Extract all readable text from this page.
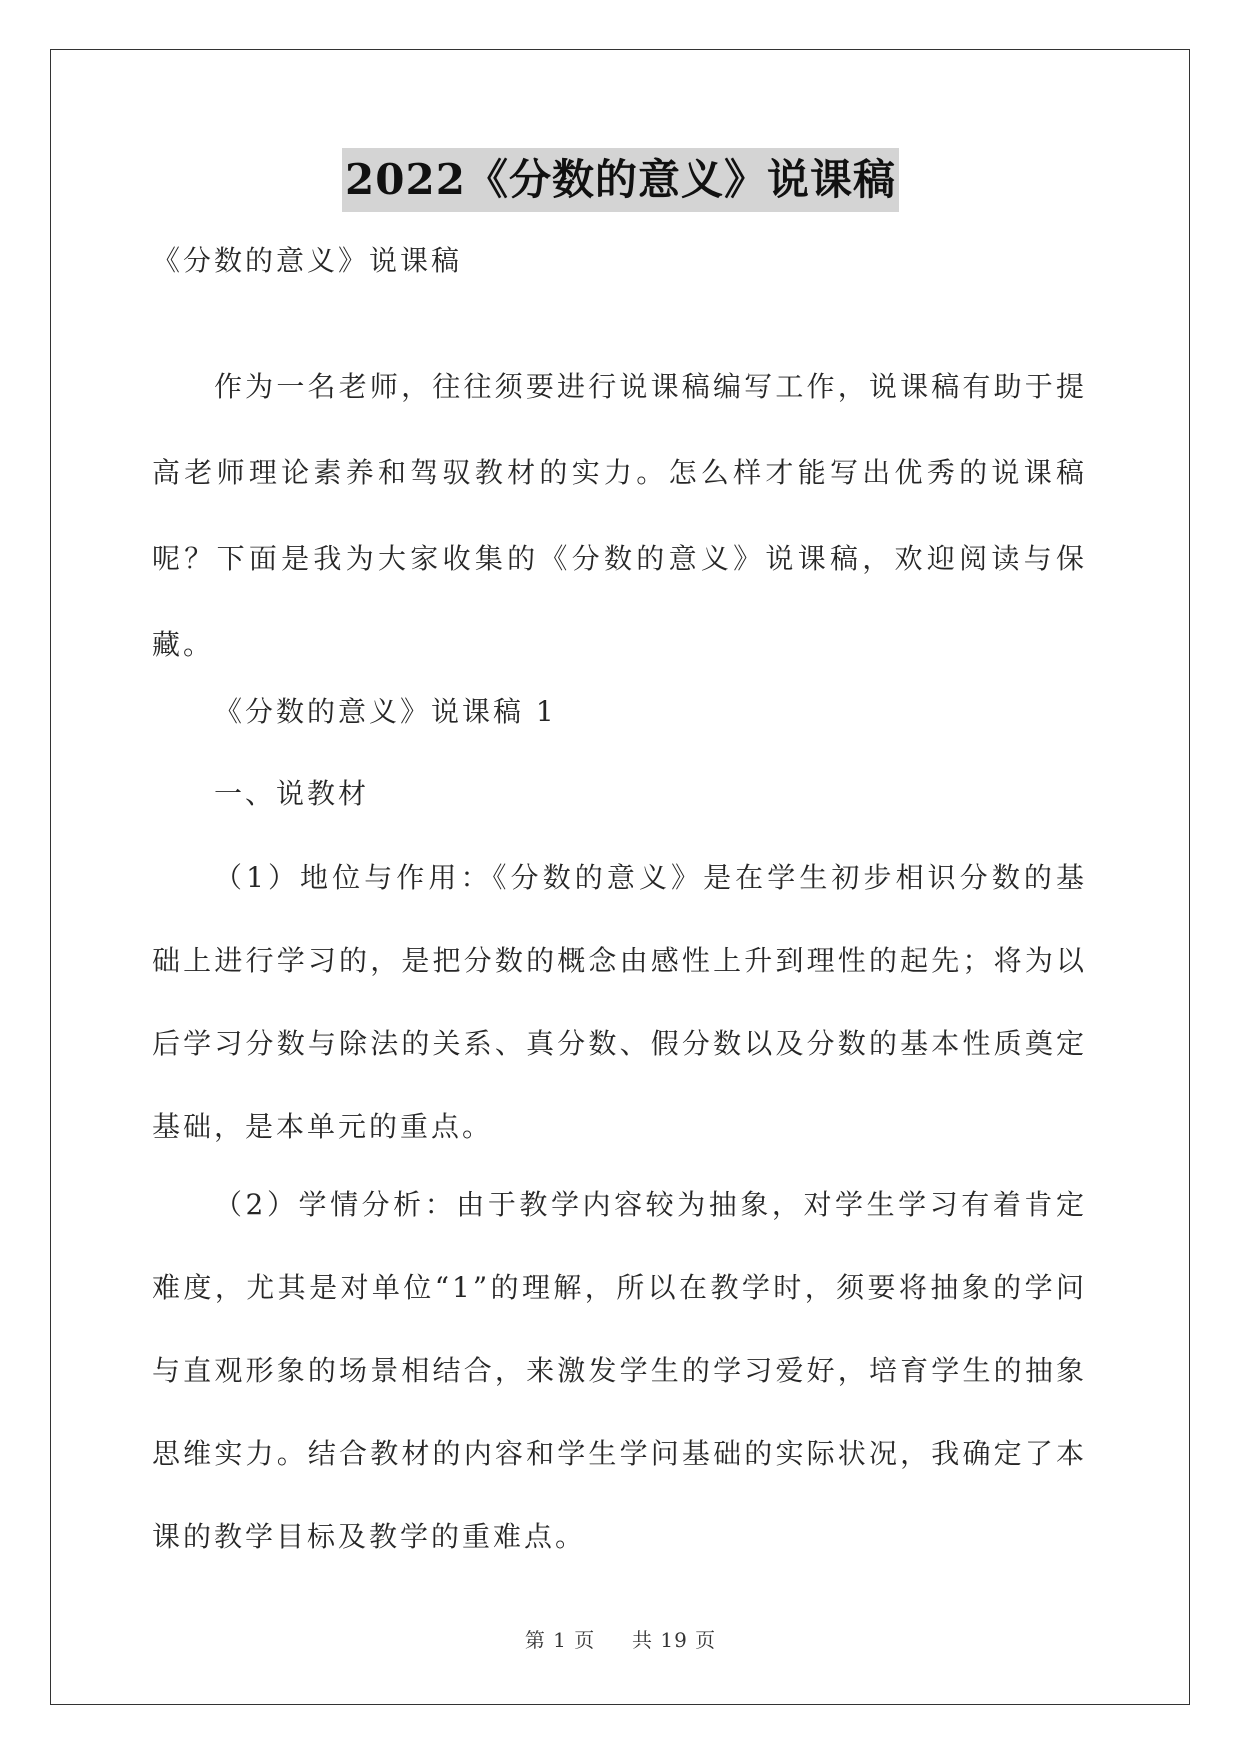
2022《分数的意义》说课稿
《分数的意义》说课稿
作为一名老师，往往须要进行说课稿编写工作，说课稿有助于提高老师理论素养和驾驭教材的实力。怎么样才能写出优秀的说课稿呢？下面是我为大家收集的《分数的意义》说课稿，欢迎阅读与保藏。
《分数的意义》说课稿 1
一、说教材
（1）地位与作用：《分数的意义》是在学生初步相识分数的基础上进行学习的，是把分数的概念由感性上升到理性的起先；将为以后学习分数与除法的关系、真分数、假分数以及分数的基本性质奠定基础，是本单元的重点。
（2）学情分析：由于教学内容较为抽象，对学生学习有着肯定难度，尤其是对单位“1”的理解，所以在教学时，须要将抽象的学问与直观形象的场景相结合，来激发学生的学习爱好，培育学生的抽象思维实力。结合教材的内容和学生学问基础的实际状况，我确定了本课的教学目标及教学的重难点。
第 1 页 共 19 页
